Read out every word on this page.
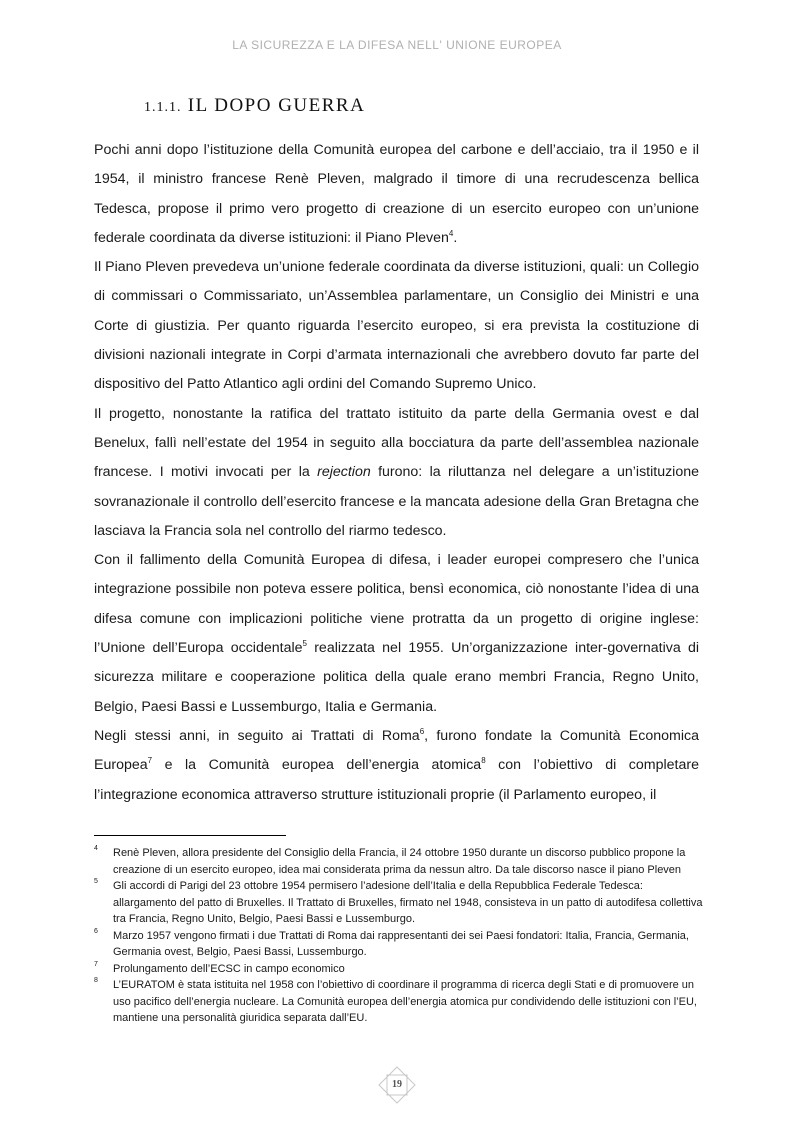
LA SICUREZZA E LA DIFESA NELL' UNIONE EUROPEA
1.1.1. IL DOPO GUERRA

Pochi anni dopo l’istituzione della Comunità europea del carbone e dell’acciaio, tra il 1950 e il 1954, il ministro francese Renè Pleven, malgrado il timore di una recrudescenza bellica Tedesca, propose il primo vero progetto di creazione di un esercito europeo con un’unione federale coordinata da diverse istituzioni: il Piano Pleven$^4$.

Il Piano Pleven prevedeva un’unione federale coordinata da diverse istituzioni, quali: un Collegio di commissari o Commissariato, un’Assemblea parlamentare, un Consiglio dei Ministri e una Corte di giustizia. Per quanto riguarda l’esercito europeo, si era prevista la costituzione di divisioni nazionali integrate in Corpi d’armata internazionali che avrebbero dovuto far parte del dispositivo del Patto Atlantico agli ordini del Comando Supremo Unico.

Il progetto, nonostante la ratifica del trattato istituito da parte della Germania ovest e dal Benelux, fallì nell’estate del 1954 in seguito alla bocciatura da parte dell’assemblea nazionale francese. I motivi invocati per la rejection furono: la riluttanza nel delegare a un’istituzione sovranazionale il controllo dell’esercito francese e la mancata adesione della Gran Bretagna che lasciava la Francia sola nel controllo del riarmo tedesco.

Con il fallimento della Comunità Europea di difesa, i leader europei compresero che l’unica integrazione possibile non poteva essere politica, bensì economica, ciò nonostante l’idea di una difesa comune con implicazioni politiche viene protratta da un progetto di origine inglese: l’Unione dell’Europa occidentale$^5$ realizzata nel 1955. Un’organizzazione inter-governativa di sicurezza militare e cooperazione politica della quale erano membri Francia, Regno Unito, Belgio, Paesi Bassi e Lussemburgo, Italia e Germania.

Negli stessi anni, in seguito ai Trattati di Roma$^6$, furono fondate la Comunità Economica Europea$^7$ e la Comunità europea dell’energia atomica$^8$ con l’obiettivo di completare l’integrazione economica attraverso strutture istituzionali proprie (il Parlamento europeo, il

4 Renè Pleven, allora presidente del Consiglio della Francia, il 24 ottobre 1950 durante un discorso pubblico propone la creazione di un esercito europeo, idea mai considerata prima da nessun altro. Da tale discorso nasce il piano Pleven
5 Gli accordi di Parigi del 23 ottobre 1954 permisero l’adesione dell’Italia e della Repubblica Federale Tedesca: allargamento del patto di Bruxelles. Il Trattato di Bruxelles, firmato nel 1948, consisteva in un patto di autodifesa collettiva tra Francia, Regno Unito, Belgio, Paesi Bassi e Lussemburgo.
6 Marzo 1957 vengono firmati i due Trattati di Roma dai rappresentanti dei sei Paesi fondatori: Italia, Francia, Germania, Germania ovest, Belgio, Paesi Bassi, Lussemburgo.
7 Prolungamento dell’ECSC in campo economico
8 L’EURATOM è stata istituita nel 1958 con l’obiettivo di coordinare il programma di ricerca degli Stati e di promuovere un uso pacifico dell’energia nucleare. La Comunità europea dell’energia atomica pur condividendo delle istituzioni con l’EU, mantiene una personalità giuridica separata dall’EU.
19
